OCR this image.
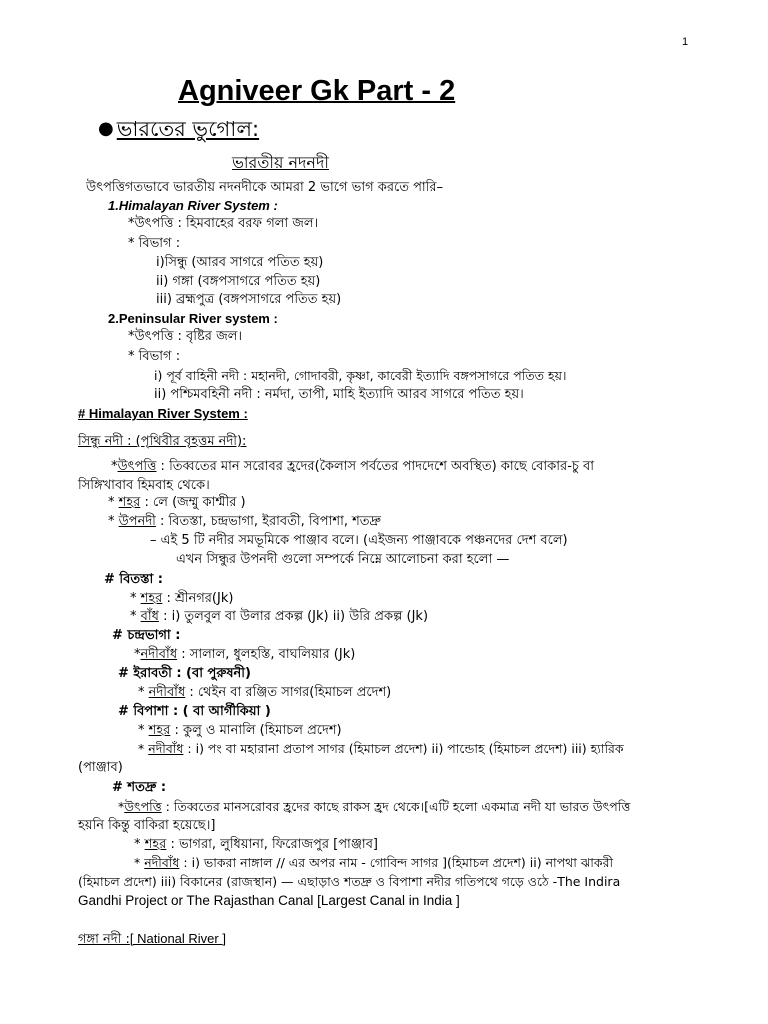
1
Agniveer Gk Part - 2
● ভারতের ভুগোল:
ভারতীয় নদনদী
উৎপত্তিগতভাবে ভারতীয় নদনদীকে আমরা 2 ভাগে ভাগ করতে পারি–
1.Himalayan River System :
*উৎপত্তি : হিমবাহের বরফ গলা জল।
* বিভাগ :
i)সিন্ধু (আরব সাগরে পতিত হয়)
ii) গঙ্গা (বঙ্গপসাগরে পতিত হয়)
iii) ব্রহ্মপুত্র (বঙ্গপসাগরে পতিত হয়)
2.Peninsular River system :
*উৎপত্তি : বৃষ্টির জল।
* বিভাগ :
i) পূর্ব বাহিনী নদী : মহানদী, গোদাবরী, কৃষ্ণা, কাবেরী ইত্যাদি বঙ্গপসাগরে পতিত হয়।
ii) পশ্চিমবহিনী নদী : নর্মদা, তাপী, মাহি ইত্যাদি আরব সাগরে পতিত হয়।
# Himalayan River System :
সিন্ধু নদী : (পৃথিবীর বৃহত্তম নদী):
*উৎপত্তি : তিব্বতের মান সরোবর হ্রদের(কৈলাস পর্বতের পাদদেশে অবস্থিত) কাছে বোকার-চু বা
সিঙ্গিখাবাব হিমবাহ থেকে।
* শহর : লে (জম্মু কাশ্মীর )
* উপনদী : বিতস্তা, চন্দ্রভাগা, ইরাবতী, বিপাশা, শতদ্রু
– এই 5 টি নদীর সমভূমিকে পাঞ্জাব বলে। (এইজন্য পাঞ্জাবকে পঞ্চনদের দেশ বলে)
এখন সিন্ধুর উপনদী গুলো সম্পর্কে নিম্নে আলোচনা করা হলো —
# বিতস্তা :
* শহর : শ্রীনগর(Jk)
* বাঁধ : i) তুলবুল বা উলার প্রকল্প (Jk) ii) উরি প্রকল্প (Jk)
# চন্দ্রভাগা :
*নদীবাঁধ : সালাল, ধুলহস্তি, বাঘলিয়ার (Jk)
# ইরাবতী : (বা পুরুষনী)
* নদীবাঁধ : থেইন বা রঞ্জিত সাগর(হিমাচল প্রদেশ)
# বিপাশা : ( বা আর্গীকিয়া )
* শহর : কুলু ও মানালি (হিমাচল প্রদেশ)
* নদীবাঁধ : i) পং বা মহারানা প্রতাপ সাগর (হিমাচল প্রদেশ) ii) পান্ডোহ (হিমাচল প্রদেশ) iii) হ্যারিক
(পাঞ্জাব)
# শতদ্রু :
*উৎপত্তি : তিব্বতের মানসরোবর হ্রদের কাছে রাকস হ্রদ থেকে।[এটি হলো একমাত্র নদী যা ভারত উৎপত্তি
হয়নি কিন্তু বাকিরা হয়েছে।]
* শহর : ভাগরা, লুধিয়ানা, ফিরোজপুর [পাঞ্জাব]
* নদীবাঁধ : i) ভাকরা নাঙ্গাল // এর অপর নাম - গোবিন্দ সাগর ](হিমাচল প্রদেশ) ii) নাপথা ঝাকরী
(হিমাচল প্রদেশ) iii) বিকানের (রাজস্থান) — এছাড়াও শতদ্রু ও বিপাশা নদীর গতিপথে গড়ে ওঠে -The Indira
Gandhi Project or The Rajasthan Canal [Largest Canal in India ]
গঙ্গা নদী :[ National River ]
